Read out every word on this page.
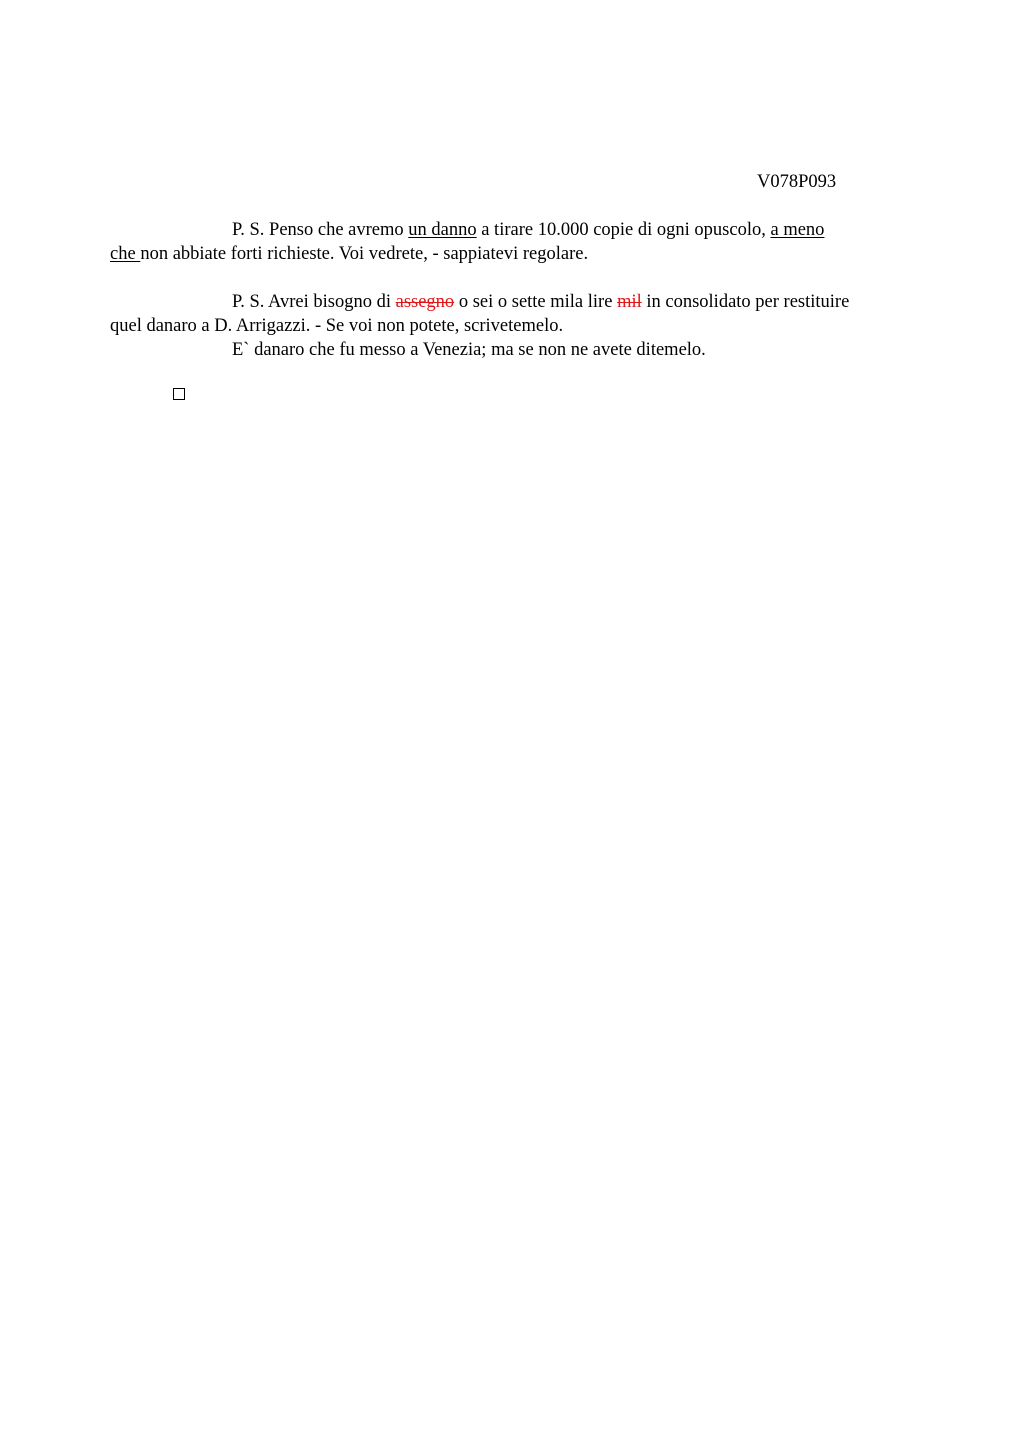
V078P093

P. S. Penso che avremo un danno a tirare 10.000 copie di ogni opuscolo, a meno
che non abbiate forti richieste. Voi vedrete, - sappiatevi regolare.

P. S. Avrei bisogno di assegno o sei o sette mila lire mil in consolidato per restituire
quel danaro a D. Arrigazzi. - Se voi non potete, scrivetemelo.

E` danaro che fu messo a Venezia; ma se non ne avete ditemelo.
